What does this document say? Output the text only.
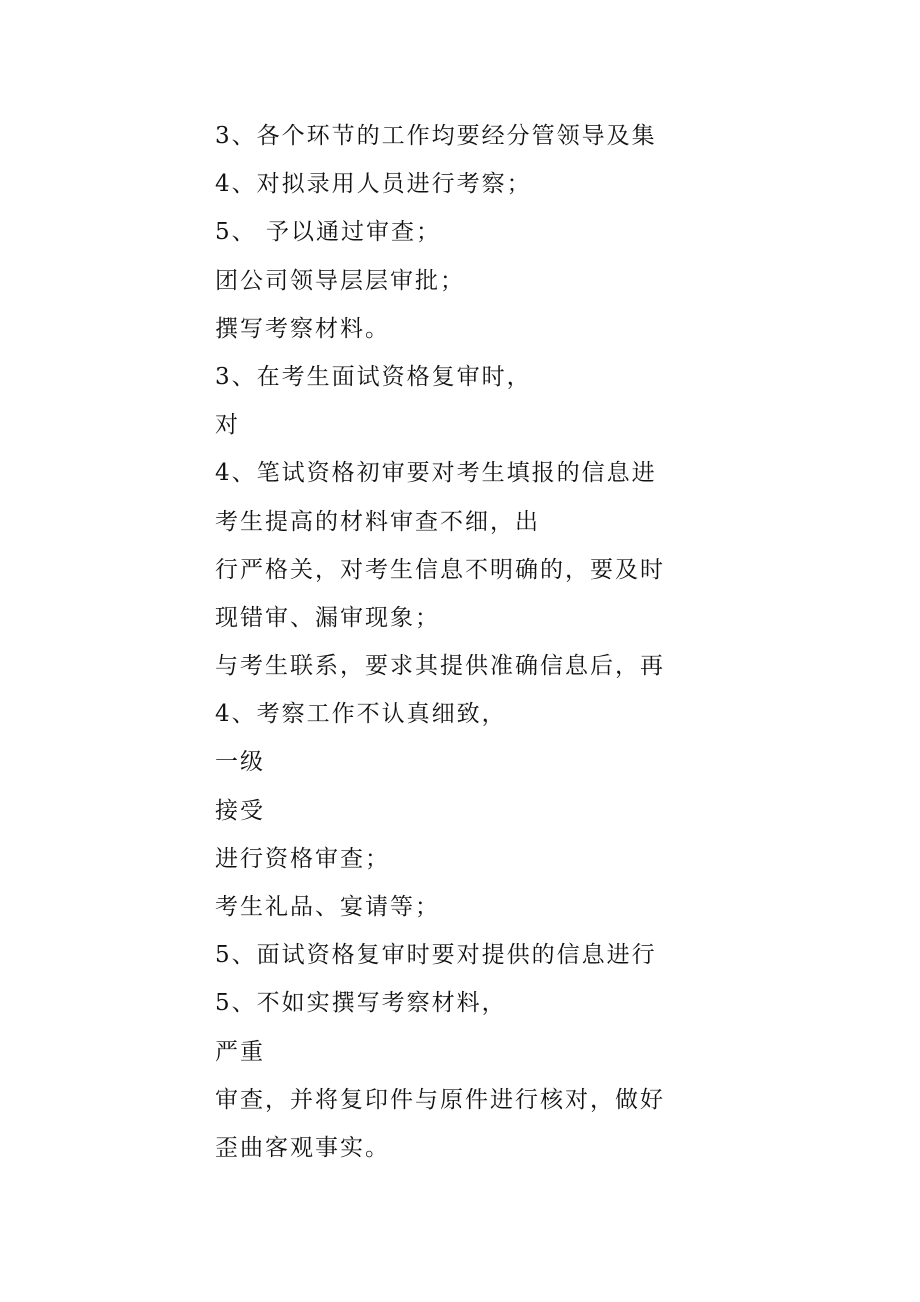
3、各个环节的工作均要经分管领导及集
4、对拟录用人员进行考察；
5、 予以通过审查；
团公司领导层层审批；
撰写考察材料。
3、在考生面试资格复审时，
对
4、笔试资格初审要对考生填报的信息进
考生提高的材料审查不细，出
行严格关，对考生信息不明确的，要及时
现错审、漏审现象；
与考生联系，要求其提供准确信息后，再
4、考察工作不认真细致，
一级
接受
进行资格审查；
考生礼品、宴请等；
5、面试资格复审时要对提供的信息进行
5、不如实撰写考察材料，
严重
审查，并将复印件与原件进行核对，做好
歪曲客观事实。
